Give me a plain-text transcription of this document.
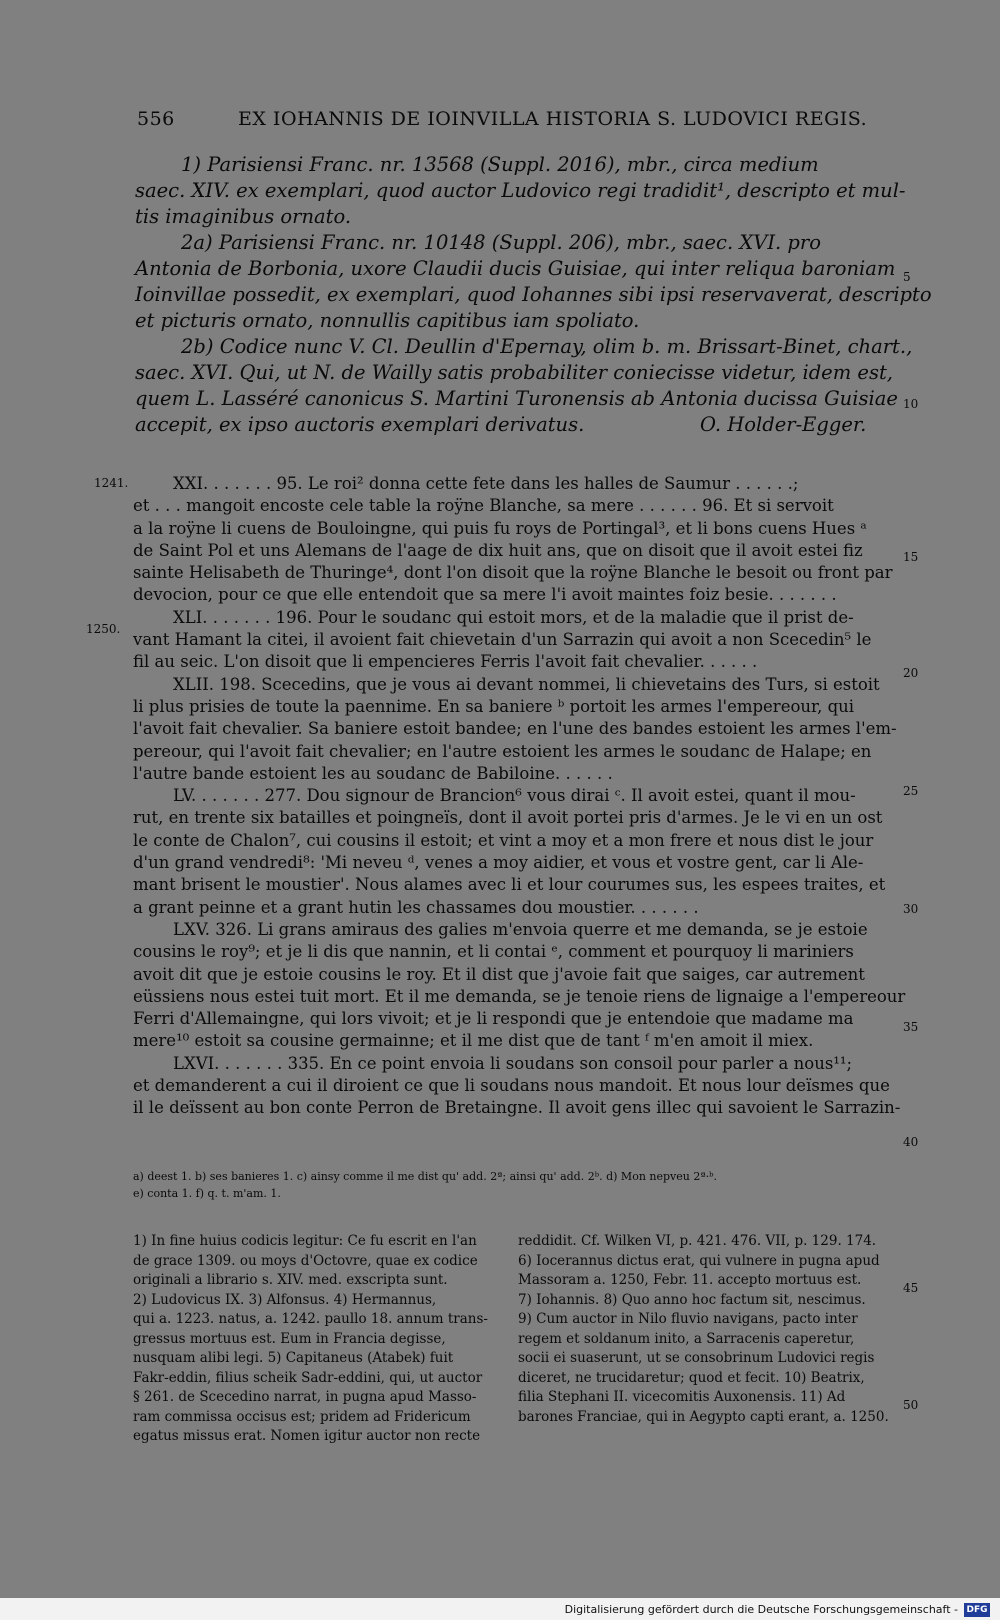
556	EX IOHANNIS DE IOINVILLA HISTORIA S. LUDOVICI REGIS.
1) Parisiensi Franc. nr. 13568 (Suppl. 2016), mbr., circa medium
saec. XIV. ex exemplari, quod auctor Ludovico regi tradidit¹, descripto et mul-
tis imaginibus ornato.
2a) Parisiensi Franc. nr. 10148 (Suppl. 206), mbr., saec. XVI. pro
Antonia de Borbonia, uxore Claudii ducis Guisiae, qui inter reliqua baroniam
Ioinvillae possedit, ex exemplari, quod Iohannes sibi ipsi reservaverat, descripto
et picturis ornato, nonnullis capitibus iam spoliato.
2b) Codice nunc V. Cl. Deullin d'Epernay, olim b. m. Brissart-Binet, chart.,
saec. XVI. Qui, ut N. de Wailly satis probabiliter coniecisse videtur, idem est,
quem L. Lasséré canonicus S. Martini Turonensis ab Antonia ducissa Guisiae
accepit, ex ipso auctoris exemplari derivatus.	O. Holder-Egger.
1241.
1250.
5
10
15
20
25
30
35
40
45
50
XXI. . . . . . . 95. Le roi² donna cette fete dans les halles de Saumur . . . . . .;
et . . . mangoit encoste cele table la roÿne Blanche, sa mere . . . . . . 96. Et si servoit
a la roÿne li cuens de Bouloingne, qui puis fu roys de Portingal³, et li bons cuens Hues ᵃ
de Saint Pol et uns Alemans de l'aage de dix huit ans, que on disoit que il avoit estei fiz
sainte Helisabeth de Thuringe⁴, dont l'on disoit que la roÿne Blanche le besoit ou front par
devocion, pour ce que elle entendoit que sa mere l'i avoit maintes foiz besie. . . . . . .
XLI. . . . . . . 196. Pour le soudanc qui estoit mors, et de la maladie que il prist de-
vant Hamant la citei, il avoient fait chievetain d'un Sarrazin qui avoit a non Scecedin⁵ le
fil au seic. L'on disoit que li empencieres Ferris l'avoit fait chevalier. . . . . .
XLII. 198. Scecedins, que je vous ai devant nommei, li chievetains des Turs, si estoit
li plus prisies de toute la paennime. En sa baniere ᵇ portoit les armes l'empereour, qui
l'avoit fait chevalier. Sa baniere estoit bandee; en l'une des bandes estoient les armes l'em-
pereour, qui l'avoit fait chevalier; en l'autre estoient les armes le soudanc de Halape; en
l'autre bande estoient les au soudanc de Babiloine. . . . . .
LV. . . . . . . 277. Dou signour de Brancion⁶ vous dirai ᶜ. Il avoit estei, quant il mou-
rut, en trente six batailles et poingneïs, dont il avoit portei pris d'armes. Je le vi en un ost
le conte de Chalon⁷, cui cousins il estoit; et vint a moy et a mon frere et nous dist le jour
d'un grand vendredi⁸: 'Mi neveu ᵈ, venes a moy aidier, et vous et vostre gent, car li Ale-
mant brisent le moustier'. Nous alames avec li et lour courumes sus, les espees traites, et
a grant peinne et a grant hutin les chassames dou moustier. . . . . . .
LXV. 326. Li grans amiraus des galies m'envoia querre et me demanda, se je estoie
cousins le roy⁹; et je li dis que nannin, et li contai ᵉ, comment et pourquoy li mariniers
avoit dit que je estoie cousins le roy. Et il dist que j'avoie fait que saiges, car autrement
eüssiens nous estei tuit mort. Et il me demanda, se je tenoie riens de lignaige a l'empereour
Ferri d'Allemaingne, qui lors vivoit; et je li respondi que je entendoie que madame ma
mere¹⁰ estoit sa cousine germainne; et il me dist que de tant ᶠ m'en amoit il miex.
LXVI. . . . . . . 335. En ce point envoia li soudans son consoil pour parler a nous¹¹;
et demanderent a cui il diroient ce que li soudans nous mandoit. Et nous lour deïsmes que
il le deïssent au bon conte Perron de Bretaingne. Il avoit gens illec qui savoient le Sarrazin-
a) deest 1. b) ses banieres 1. c) ainsy comme il me dist qu' add. 2ª; ainsi qu' add. 2ᵇ. d) Mon nepveu 2ª·ᵇ.
e) conta 1. f) q. t. m'am. 1.
1) In fine huius codicis legitur: Ce fu escrit en l'an
de grace 1309. ou moys d'Octovre, quae ex codice
originali a librario s. XIV. med. exscripta sunt.
2) Ludovicus IX. 3) Alfonsus. 4) Hermannus,
qui a. 1223. natus, a. 1242. paullo 18. annum trans-
gressus mortuus est. Eum in Francia degisse,
nusquam alibi legi. 5) Capitaneus (Atabek) fuit
Fakr-eddin, filius scheik Sadr-eddini, qui, ut auctor
§ 261. de Scecedino narrat, in pugna apud Masso-
ram commissa occisus est; pridem ad Fridericum
egatus missus erat. Nomen igitur auctor non recte
reddidit. Cf. Wilken VI, p. 421. 476. VII, p. 129. 174.
6) Iocerannus dictus erat, qui vulnere in pugna apud
Massoram a. 1250, Febr. 11. accepto mortuus est.
7) Iohannis. 8) Quo anno hoc factum sit, nescimus.
9) Cum auctor in Nilo fluvio navigans, pacto inter
regem et soldanum inito, a Sarracenis caperetur,
socii ei suaserunt, ut se consobrinum Ludovici regis
diceret, ne trucidaretur; quod et fecit. 10) Beatrix,
filia Stephani II. vicecomitis Auxonensis. 11) Ad
barones Franciae, qui in Aegypto capti erant, a. 1250.
Digitalisierung gefördert durch die Deutsche Forschungsgemeinschaft - DFG
